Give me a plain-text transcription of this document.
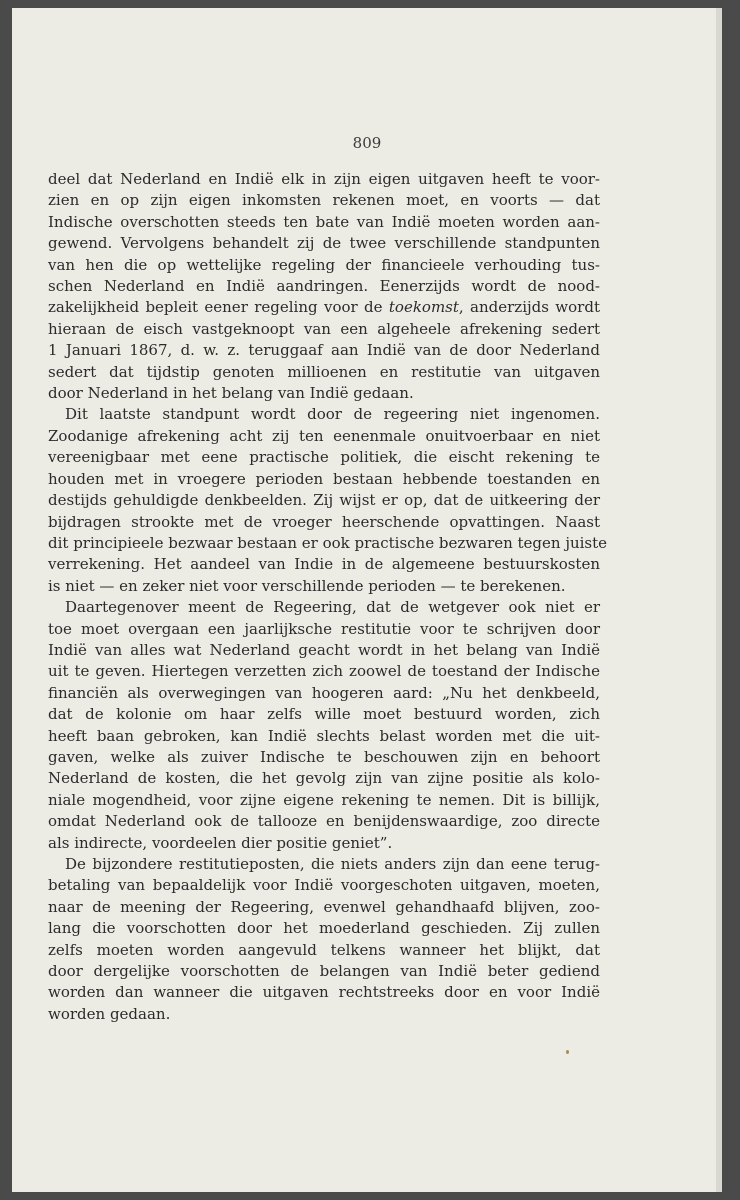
809
deel dat Nederland en Indië elk in zijn eigen uitgaven heeft te voor-
zien en op zijn eigen inkomsten rekenen moet, en voorts — dat
Indische overschotten steeds ten bate van Indië moeten worden aan-
gewend. Vervolgens behandelt zij de twee verschillende standpunten
van hen die op wettelijke regeling der financieele verhouding tus-
schen Nederland en Indië aandringen. Eenerzijds wordt de nood-
zakelijkheid bepleit eener regeling voor de toekomst, anderzijds wordt
hieraan de eisch vastgeknoopt van een algeheele afrekening sedert
1 Januari 1867, d. w. z. teruggaaf aan Indië van de door Nederland
sedert dat tijdstip genoten millioenen en restitutie van uitgaven
door Nederland in het belang van Indië gedaan.
Dit laatste standpunt wordt door de regeering niet ingenomen.
Zoodanige afrekening acht zij ten eenenmale onuitvoerbaar en niet
vereenigbaar met eene practische politiek, die eischt rekening te
houden met in vroegere perioden bestaan hebbende toestanden en
destijds gehuldigde denkbeelden. Zij wijst er op, dat de uitkeering der
bijdragen strookte met de vroeger heerschende opvattingen. Naast
dit principieele bezwaar bestaan er ook practische bezwaren tegen juiste
verrekening. Het aandeel van Indie in de algemeene bestuurskosten
is niet — en zeker niet voor verschillende perioden — te berekenen.
Daartegenover meent de Regeering, dat de wetgever ook niet er
toe moet overgaan een jaarlijksche restitutie voor te schrijven door
Indië van alles wat Nederland geacht wordt in het belang van Indië
uit te geven. Hiertegen verzetten zich zoowel de toestand der Indische
financiën als overwegingen van hoogeren aard: „Nu het denkbeeld,
dat de kolonie om haar zelfs wille moet bestuurd worden, zich
heeft baan gebroken, kan Indië slechts belast worden met die uit-
gaven, welke als zuiver Indische te beschouwen zijn en behoort
Nederland de kosten, die het gevolg zijn van zijne positie als kolo-
niale mogendheid, voor zijne eigene rekening te nemen. Dit is billijk,
omdat Nederland ook de tallooze en benijdenswaardige, zoo directe
als indirecte, voordeelen dier positie geniet”.
De bijzondere restitutieposten, die niets anders zijn dan eene terug-
betaling van bepaaldelijk voor Indië voorgeschoten uitgaven, moeten,
naar de meening der Regeering, evenwel gehandhaafd blijven, zoo-
lang die voorschotten door het moederland geschieden. Zij zullen
zelfs moeten worden aangevuld telkens wanneer het blijkt, dat
door dergelijke voorschotten de belangen van Indië beter gediend
worden dan wanneer die uitgaven rechtstreeks door en voor Indië
worden gedaan.
